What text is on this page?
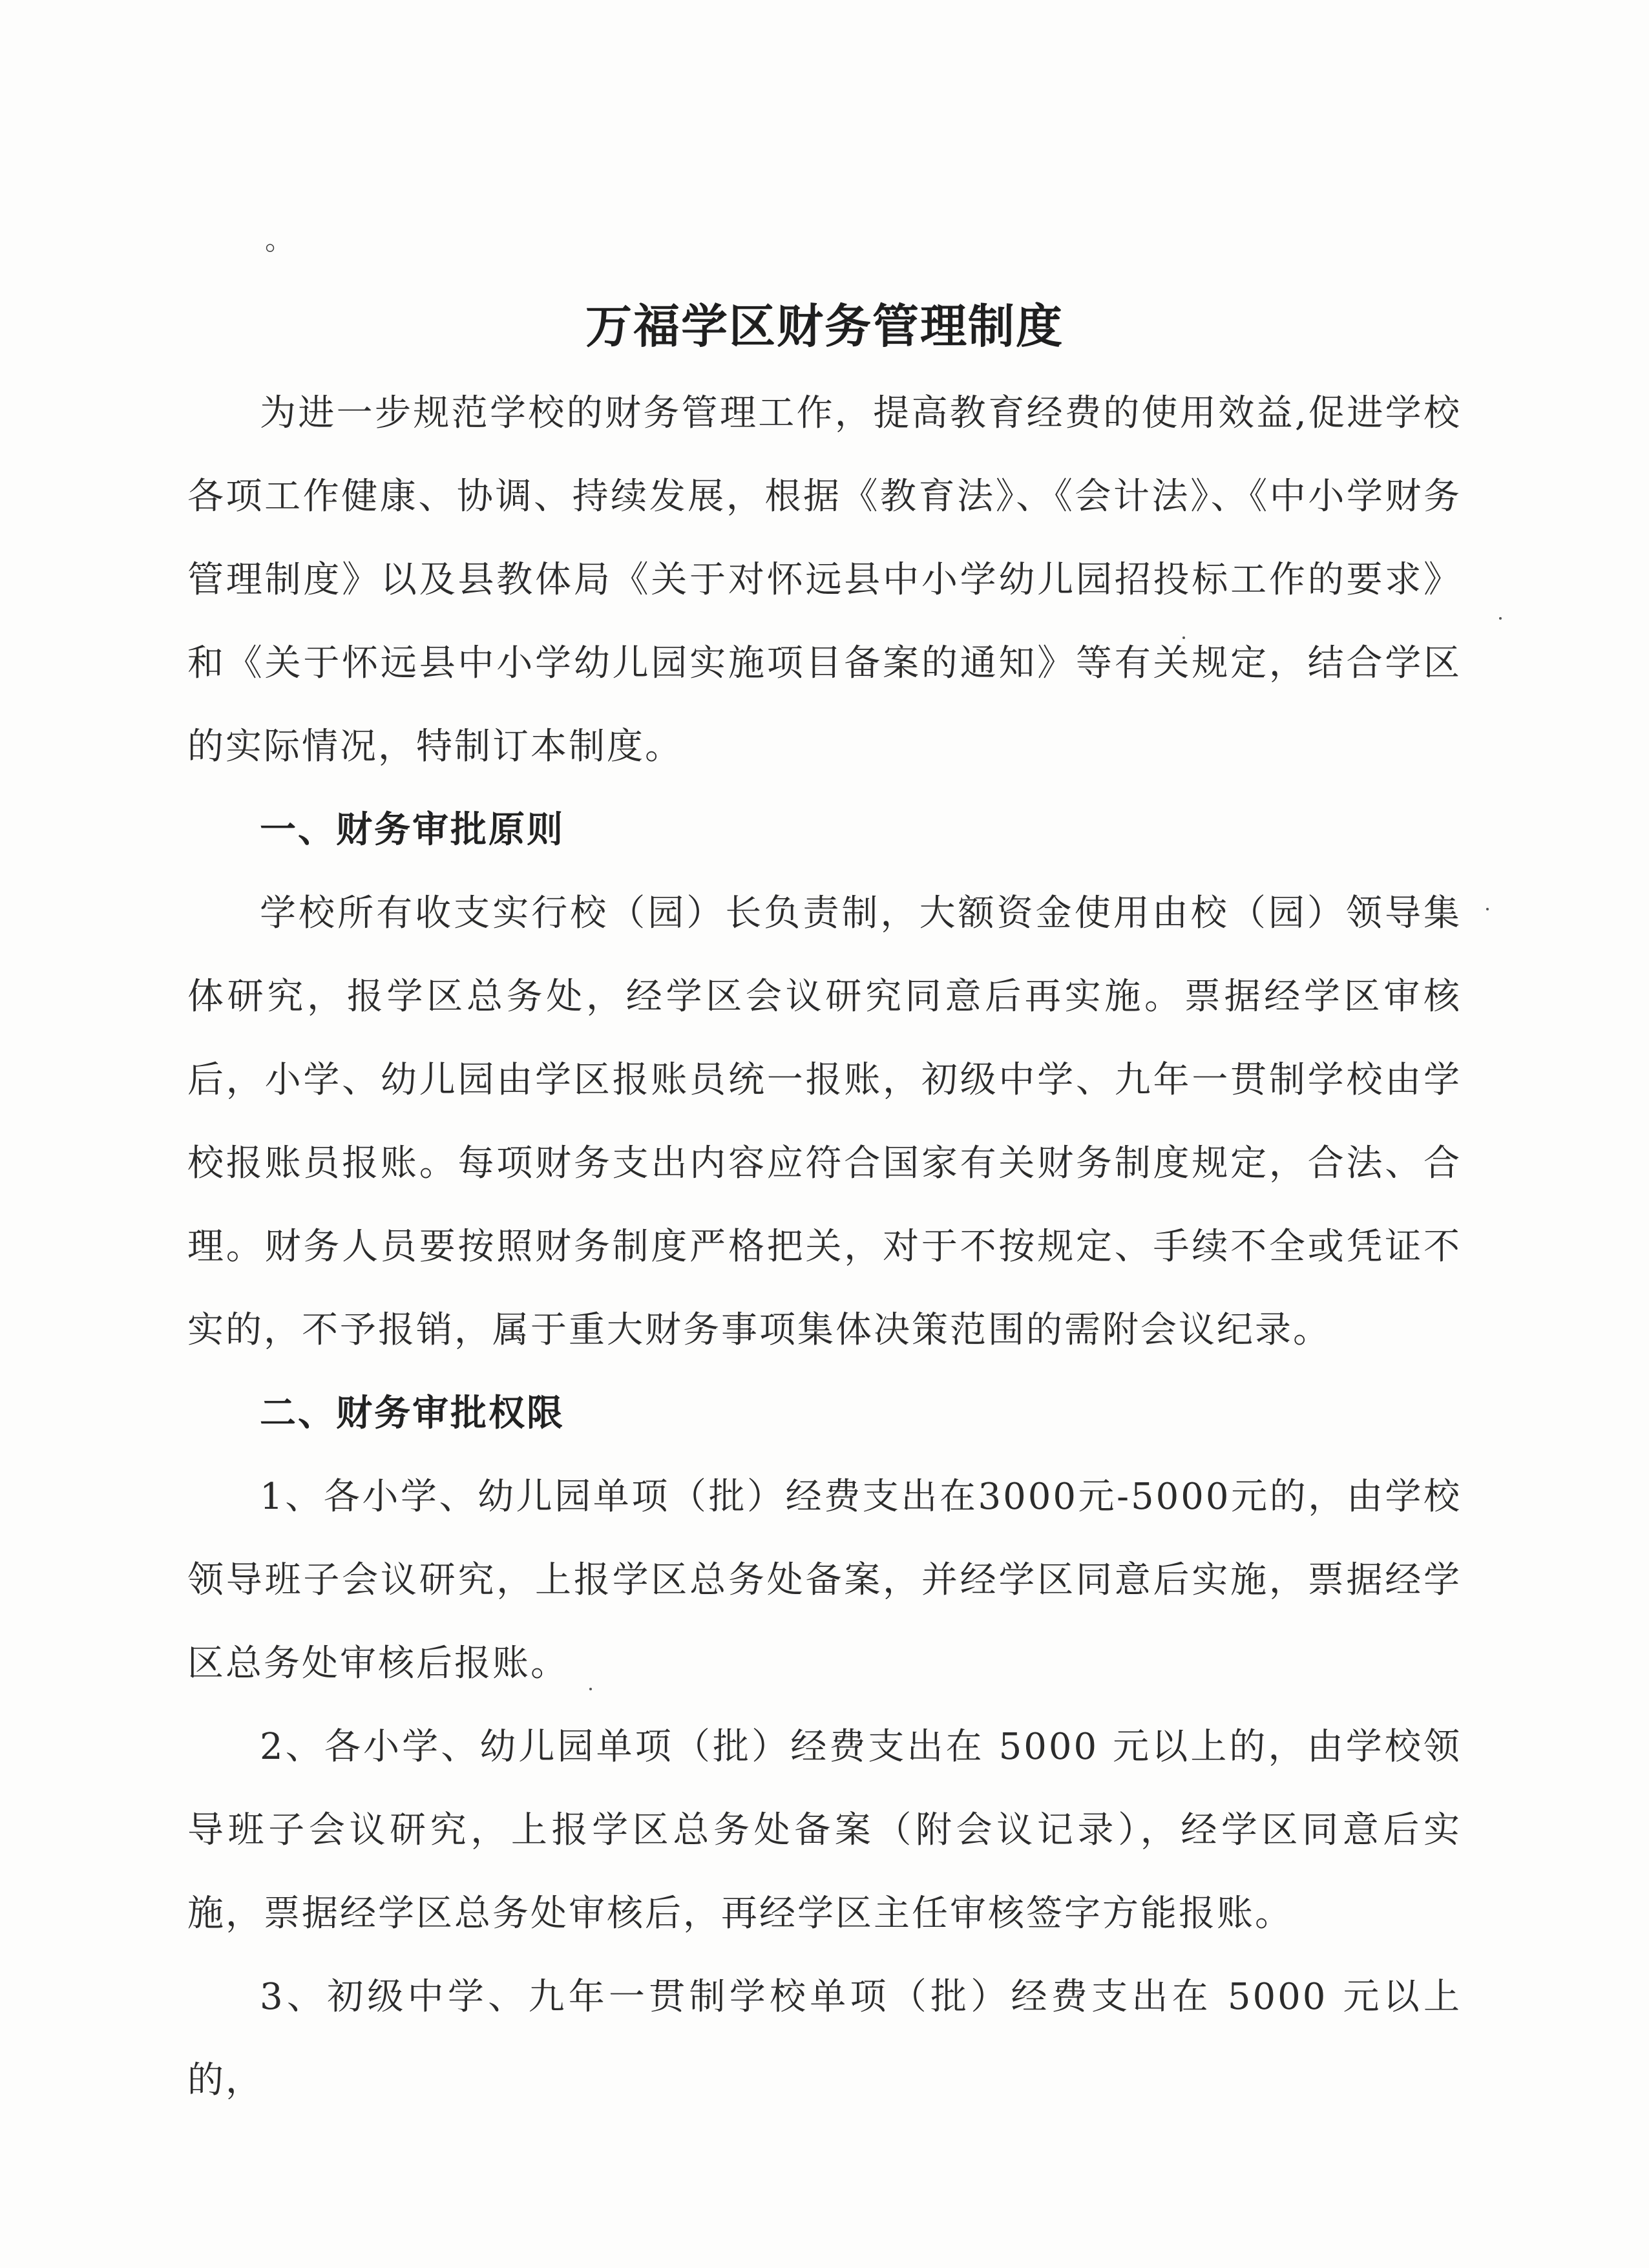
。
万福学区财务管理制度

为进一步规范学校的财务管理工作，提高教育经费的使用效益,促进学校各项工作健康、协调、持续发展，根据《教育法》、《会计法》、《中小学财务管理制度》以及县教体局《关于对怀远县中小学幼儿园招投标工作的要求》和《关于怀远县中小学幼儿园实施项目备案的通知》等有关规定，结合学区的实际情况，特制订本制度。

一、财务审批原则

学校所有收支实行校（园）长负责制，大额资金使用由校（园）领导集体研究，报学区总务处，经学区会议研究同意后再实施。票据经学区审核后，小学、幼儿园由学区报账员统一报账，初级中学、九年一贯制学校由学校报账员报账。每项财务支出内容应符合国家有关财务制度规定，合法、合理。财务人员要按照财务制度严格把关，对于不按规定、手续不全或凭证不实的，不予报销，属于重大财务事项集体决策范围的需附会议纪录。

二、财务审批权限

1、各小学、幼儿园单项（批）经费支出在3000元-5000元的，由学校领导班子会议研究，上报学区总务处备案，并经学区同意后实施，票据经学区总务处审核后报账。

2、各小学、幼儿园单项（批）经费支出在 5000 元以上的，由学校领导班子会议研究，上报学区总务处备案（附会议记录），经学区同意后实施，票据经学区总务处审核后，再经学区主任审核签字方能报账。

3、初级中学、九年一贯制学校单项（批）经费支出在 5000 元以上的，
